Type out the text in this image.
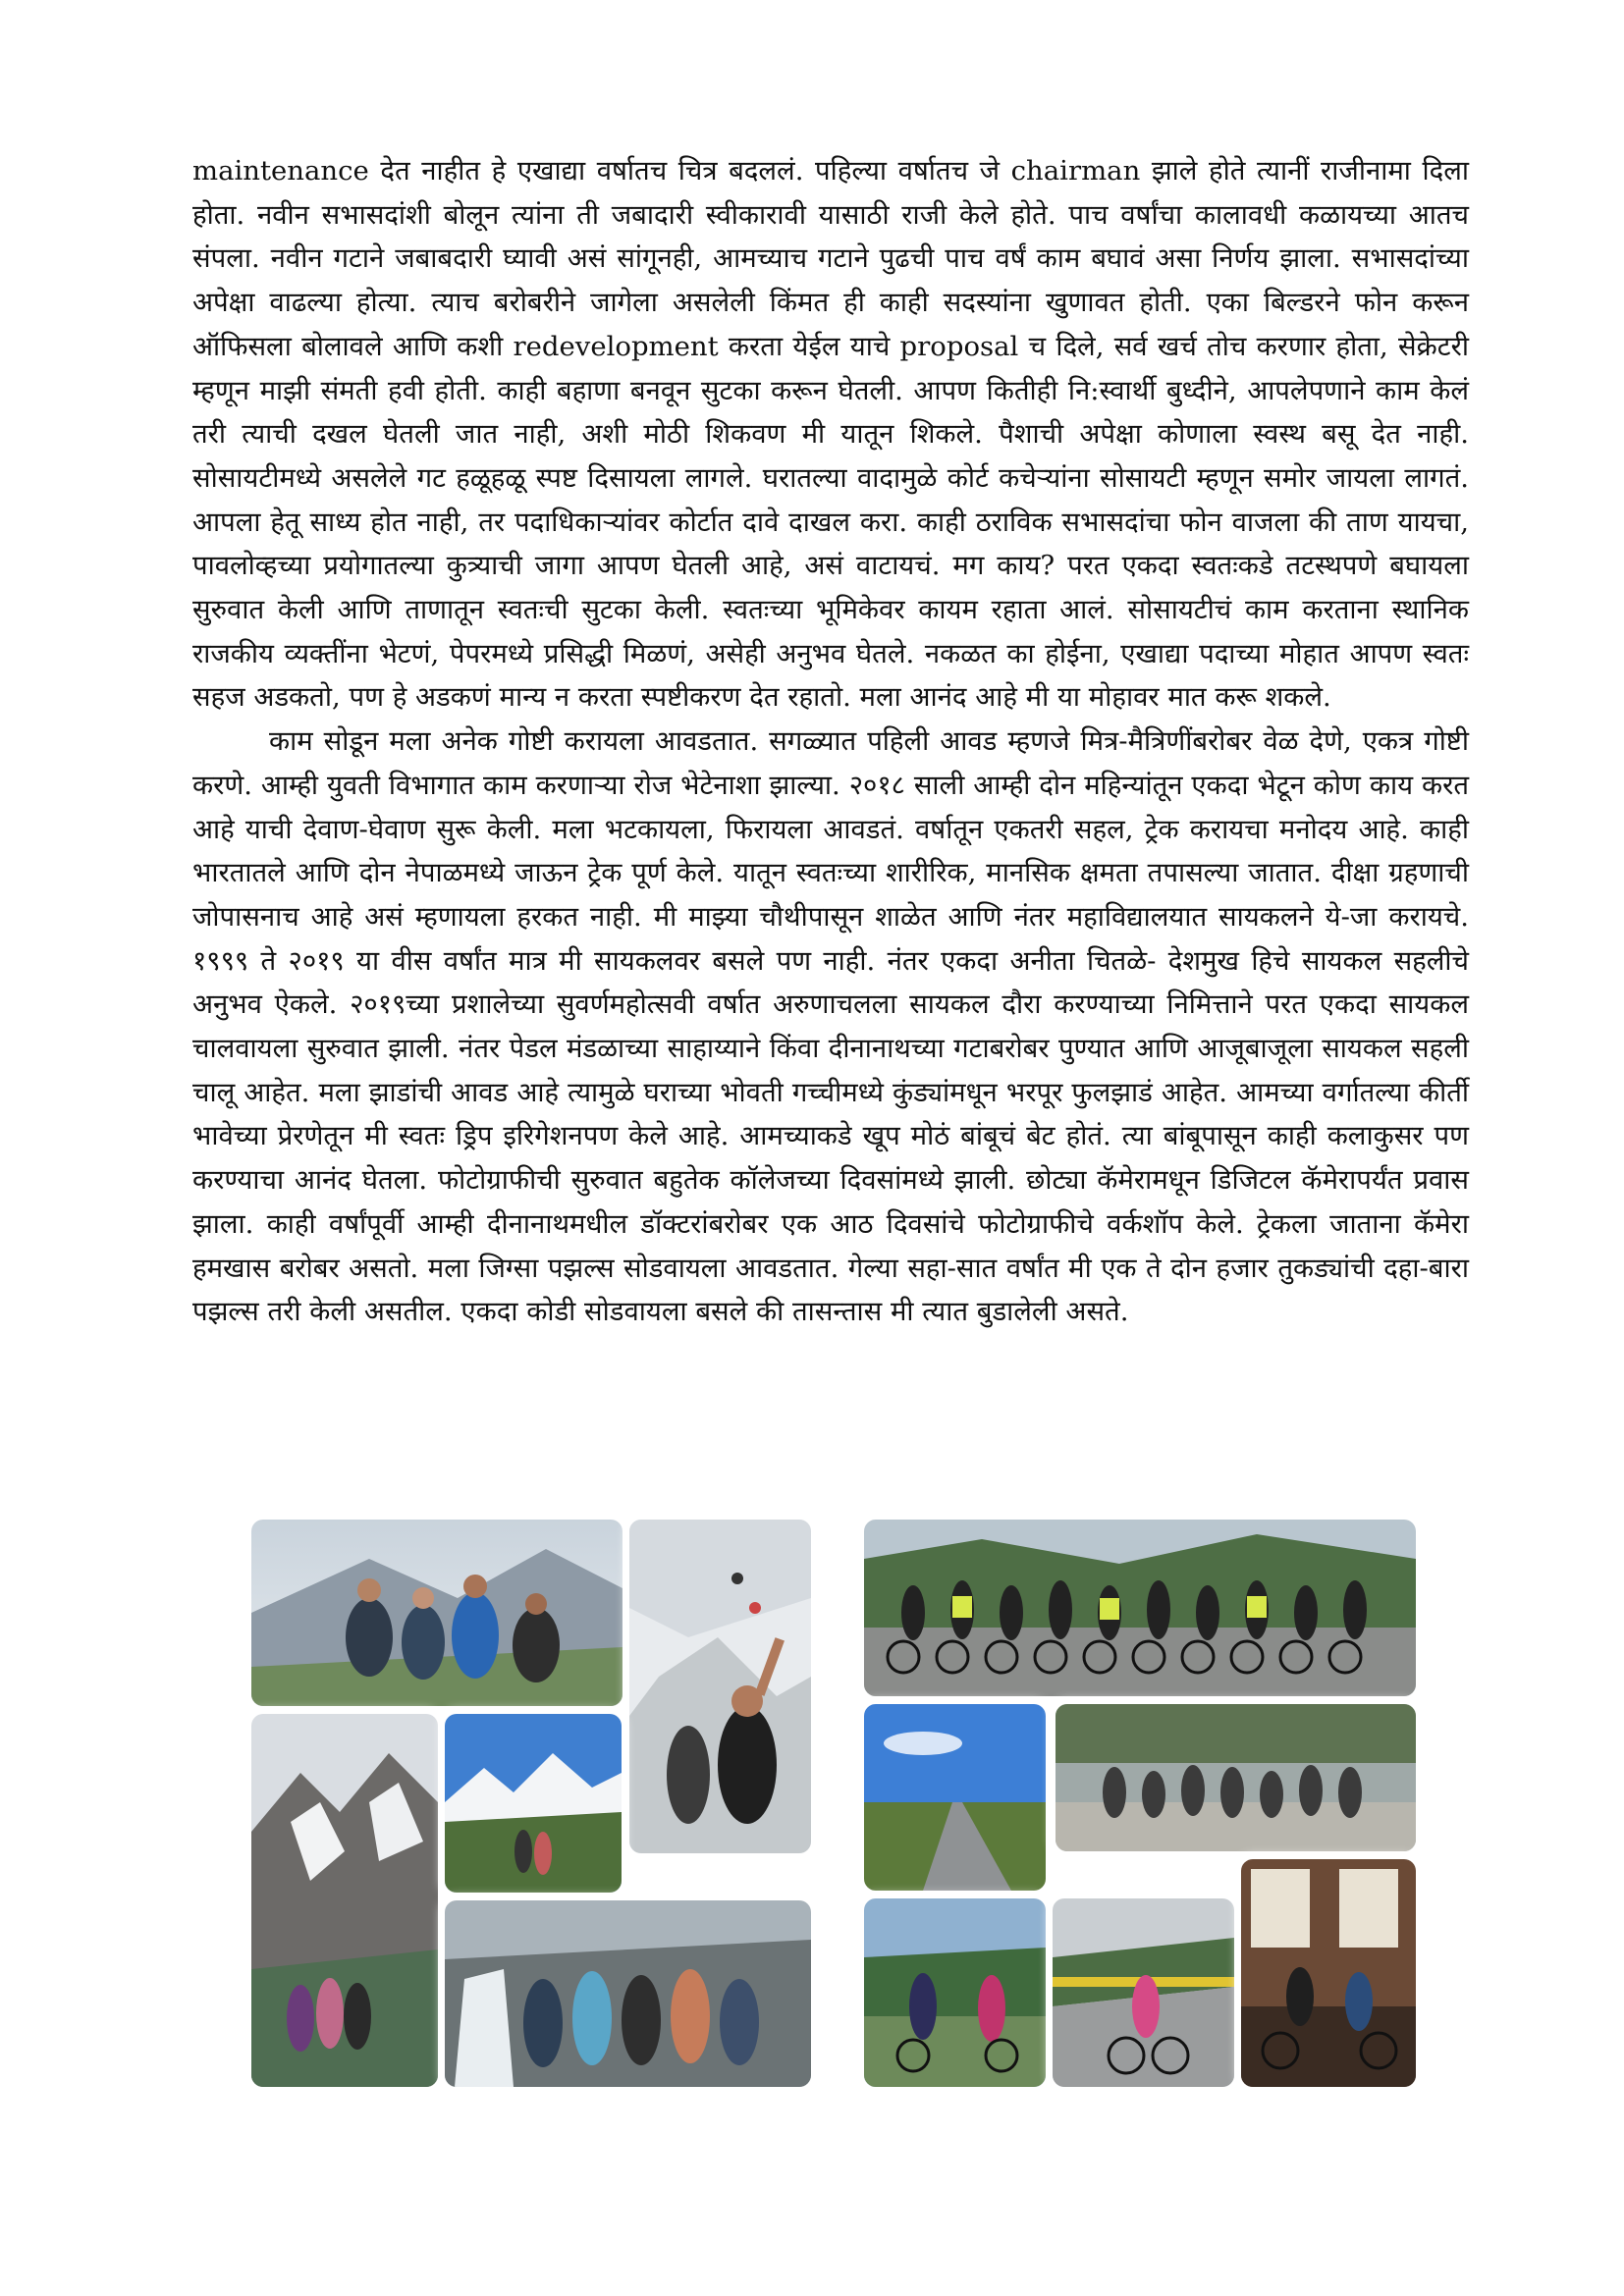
maintenance देत नाहीत हे एखाद्या वर्षातच चित्र बदललं. पहिल्या वर्षातच जे chairman झाले होते त्यानीं राजीनामा दिला होता. नवीन सभासदांशी बोलून त्यांना ती जबादारी स्वीकारावी यासाठी राजी केले होते. पाच वर्षांचा कालावधी कळायच्या आतच संपला. नवीन गटाने जबाबदारी घ्यावी असं सांगूनही, आमच्याच गटाने पुढची पाच वर्षं काम बघावं असा निर्णय झाला. सभासदांच्या अपेक्षा वाढल्या होत्या. त्याच बरोबरीने जागेला असलेली किंमत ही काही सदस्यांना खुणावत होती. एका बिल्डरने फोन करून ऑफिसला बोलावले आणि कशी redevelopment करता येईल याचे proposal च दिले, सर्व खर्च तोच करणार होता, सेक्रेटरी म्हणून माझी संमती हवी होती. काही बहाणा बनवून सुटका करून घेतली. आपण कितीही नि:स्वार्थी बुध्दीने, आपलेपणाने काम केलं तरी त्याची दखल घेतली जात नाही, अशी मोठी शिकवण मी यातून शिकले. पैशाची अपेक्षा कोणाला स्वस्थ बसू देत नाही. सोसायटीमध्ये असलेले गट हळूहळू स्पष्ट दिसायला लागले. घरातल्या वादामुळे कोर्ट कचेऱ्यांना सोसायटी म्हणून समोर जायला लागतं. आपला हेतू साध्य होत नाही, तर पदाधिकाऱ्यांवर कोर्टात दावे दाखल करा. काही ठराविक सभासदांचा फोन वाजला की ताण यायचा, पावलोव्हच्या प्रयोगातल्या कुत्र्याची जागा आपण घेतली आहे, असं वाटायचं. मग काय? परत एकदा स्वतःकडे तटस्थपणे बघायला सुरुवात केली आणि ताणातून स्वतःची सुटका केली. स्वतःच्या भूमिकेवर कायम रहाता आलं. सोसायटीचं काम करताना स्थानिक राजकीय व्यक्तींना भेटणं, पेपरमध्ये प्रसिद्धी मिळणं, असेही अनुभव घेतले. नकळत का होईना, एखाद्या पदाच्या मोहात आपण स्वतः सहज अडकतो, पण हे अडकणं मान्य न करता स्पष्टीकरण देत रहातो. मला आनंद आहे मी या मोहावर मात करू शकले.

काम सोडून मला अनेक गोष्टी करायला आवडतात. सगळ्यात पहिली आवड म्हणजे मित्र-मैत्रिणींबरोबर वेळ देणे, एकत्र गोष्टी करणे. आम्ही युवती विभागात काम करणाऱ्या रोज भेटेनाशा झाल्या. २०१८ साली आम्ही दोन महिन्यांतून एकदा भेटून कोण काय करत आहे याची देवाण-घेवाण सुरू केली. मला भटकायला, फिरायला आवडतं. वर्षातून एकतरी सहल, ट्रेक करायचा मनोदय आहे. काही भारतातले आणि दोन नेपाळमध्ये जाऊन ट्रेक पूर्ण केले. यातून स्वतःच्या शारीरिक, मानसिक क्षमता तपासल्या जातात. दीक्षा ग्रहणाची जोपासनाच आहे असं म्हणायला हरकत नाही. मी माझ्या चौथीपासून शाळेत आणि नंतर महाविद्यालयात सायकलने ये-जा करायचे. १९९९ ते २०१९ या वीस वर्षांत मात्र मी सायकलवर बसले पण नाही. नंतर एकदा अनीता चितळे- देशमुख हिचे सायकल सहलीचे अनुभव ऐकले. २०१९च्या प्रशालेच्या सुवर्णमहोत्सवी वर्षात अरुणाचलला सायकल दौरा करण्याच्या निमित्ताने परत एकदा सायकल चालवायला सुरुवात झाली. नंतर पेडल मंडळाच्या साहाय्याने किंवा दीनानाथच्या गटाबरोबर पुण्यात आणि आजूबाजूला सायकल सहली चालू आहेत. मला झाडांची आवड आहे त्यामुळे घराच्या भोवती गच्चीमध्ये कुंड्यांमधून भरपूर फुलझाडं आहेत. आमच्या वर्गातल्या कीर्ती भावेच्या प्रेरणेतून मी स्वतः ड्रिप इरिगेशनपण केले आहे. आमच्याकडे खूप मोठं बांबूचं बेट होतं. त्या बांबूपासून काही कलाकुसर पण करण्याचा आनंद घेतला. फोटोग्राफीची सुरुवात बहुतेक कॉलेजच्या दिवसांमध्ये झाली. छोट्या कॅमेरामधून डिजिटल कॅमेरापर्यंत प्रवास झाला. काही वर्षांपूर्वी आम्ही दीनानाथमधील डॉक्टरांबरोबर एक आठ दिवसांचे फोटोग्राफीचे वर्कशॉप केले. ट्रेकला जाताना कॅमेरा हमखास बरोबर असतो. मला जिग्सा पझल्स सोडवायला आवडतात. गेल्या सहा-सात वर्षांत मी एक ते दोन हजार तुकड्यांची दहा-बारा पझल्स तरी केली असतील. एकदा कोडी सोडवायला बसले की तासन्तास मी त्यात बुडालेली असते.
